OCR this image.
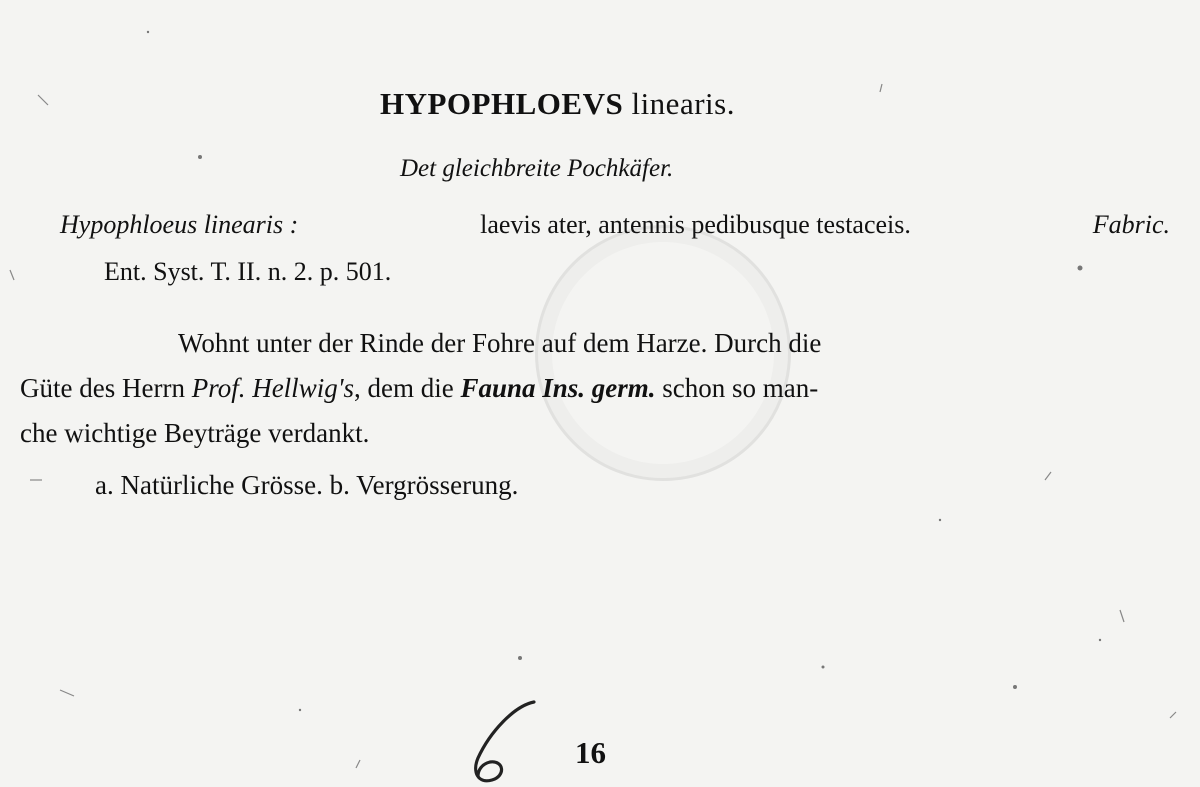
HYPOPHLOEVS linearis.
Det gleichbreite Pochkäfer.
Hypophloeus linearis :	laevis ater, antennis pedibusque testaceis.	Fabric.
Ent. Syst. T. II. n. 2. p. 501.
Wohnt unter der Rinde der Fohre auf dem Harze. Durch die
Güte des Herrn Prof. Hellwig's, dem die Fauna Ins. germ. schon so man-
che wichtige Beyträge verdankt.
a. Natürliche Grösse. b. Vergrösserung.
16
